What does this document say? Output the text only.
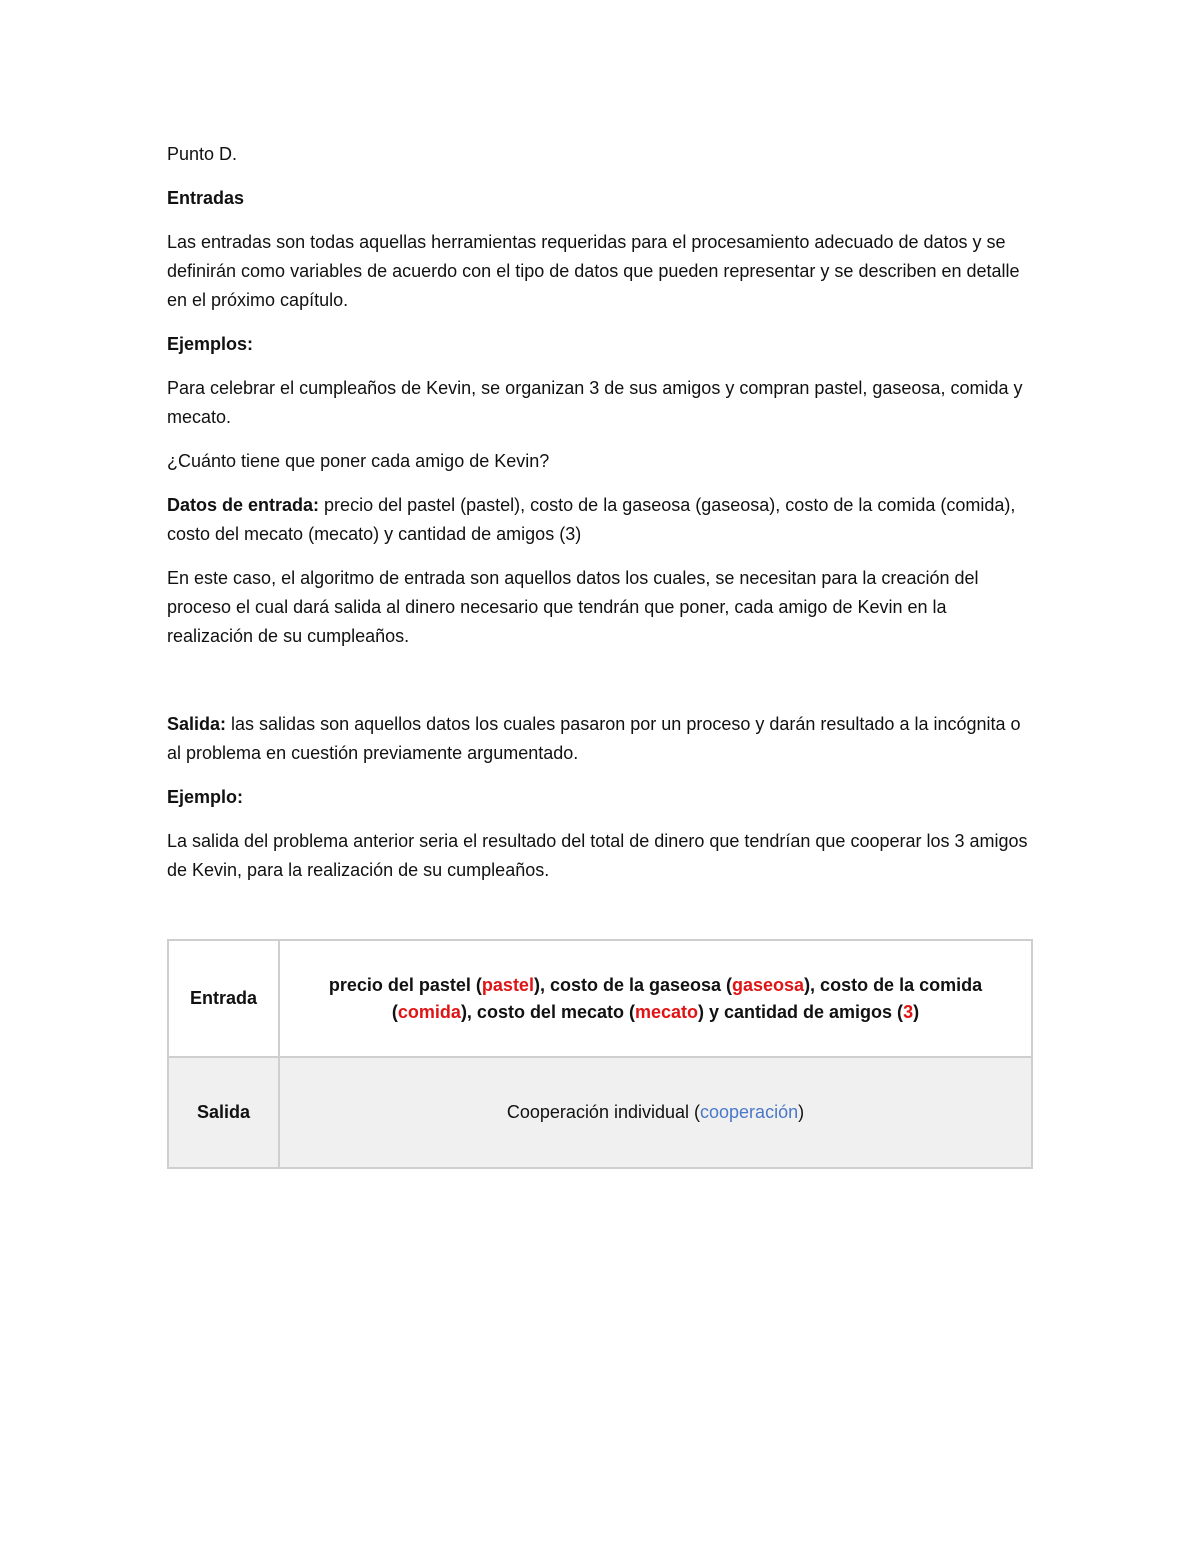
Punto D.

Entradas

Las entradas son todas aquellas herramientas requeridas para el procesamiento adecuado de datos y se definirán como variables de acuerdo con el tipo de datos que pueden representar y se describen en detalle en el próximo capítulo.

Ejemplos:

Para celebrar el cumpleaños de Kevin, se organizan 3 de sus amigos y compran pastel, gaseosa, comida y mecato.

¿Cuánto tiene que poner cada amigo de Kevin?

Datos de entrada: precio del pastel (pastel), costo de la gaseosa (gaseosa), costo de la comida (comida), costo del mecato (mecato) y cantidad de amigos (3)

En este caso, el algoritmo de entrada son aquellos datos los cuales, se necesitan para la creación del proceso el cual dará salida al dinero necesario que tendrán que poner, cada amigo de Kevin en la realización de su cumpleaños.

Salida: las salidas son aquellos datos los cuales pasaron por un proceso y darán resultado a la incógnita o al problema en cuestión previamente argumentado.

Ejemplo:

La salida del problema anterior seria el resultado del total de dinero que tendrían que cooperar los 3 amigos de Kevin, para la realización de su cumpleaños.

Entrada	precio del pastel (pastel), costo de la gaseosa (gaseosa), costo de la comida (comida), costo del mecato (mecato) y cantidad de amigos (3)

Salida	Cooperación individual (cooperación)
